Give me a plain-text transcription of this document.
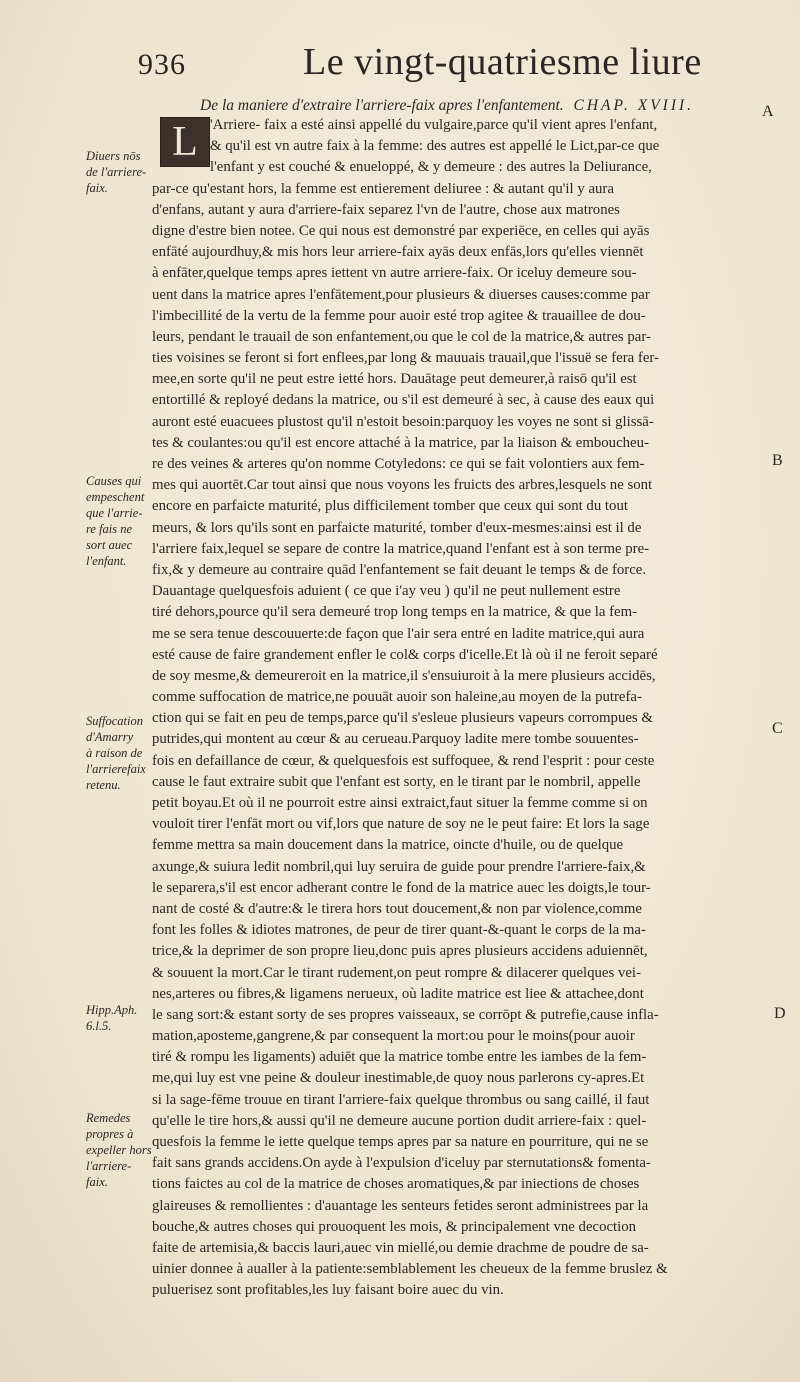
936	Le vingt-quatriesme liure
De la maniere d'extraire l'arriere-faix apres l'enfantement. CHAP. XVIII.	A
B
C
D
L
Diuers nōs
de l'arriere-
faix.
Causes qui
empeschent
que l'arrie-
re fais ne
sort auec
l'enfant.
Suffocation
d'Amarry
à raison de
l'arrierefaix
retenu.
Hipp.Aph.
6.l.5.
Remedes
propres à
expeller hors
l'arriere-
faix.
'Arriere- faix a esté ainsi appellé du vulgaire,parce qu'il vient apres l'enfant,
& qu'il est vn autre faix à la femme: des autres est appellé le Lict,par-ce que
l'enfant y est couché & enueloppé, & y demeure : des autres la Deliurance,
par-ce qu'estant hors, la femme est entierement deliuree : & autant qu'il y aura
d'enfans, autant y aura d'arriere-faix separez l'vn de l'autre, chose aux matrones
digne d'estre bien notee. Ce qui nous est demonstré par experiēce, en celles qui ayās
enfāté aujourdhuy,& mis hors leur arriere-faix ayās deux enfās,lors qu'elles viennēt
à enfāter,quelque temps apres iettent vn autre arriere-faix. Or iceluy demeure sou-
uent dans la matrice apres l'enfātement,pour plusieurs & diuerses causes:comme par
l'imbecillité de la vertu de la femme pour auoir esté trop agitee & trauaillee de dou-
leurs, pendant le trauail de son enfantement,ou que le col de la matrice,& autres par-
ties voisines se feront si fort enflees,par long & mauuais trauail,que l'issuë se fera fer-
mee,en sorte qu'il ne peut estre ietté hors. Dauātage peut demeurer,à raisō qu'il est
entortillé & reployé dedans la matrice, ou s'il est demeuré à sec, à cause des eaux qui
auront esté euacuees plustost qu'il n'estoit besoin:parquoy les voyes ne sont si glissā-
tes & coulantes:ou qu'il est encore attaché à la matrice, par la liaison & emboucheu-
re des veines & arteres qu'on nomme Cotyledons: ce qui se fait volontiers aux fem-
mes qui auortēt.Car tout ainsi que nous voyons les fruicts des arbres,lesquels ne sont
encore en parfaicte maturité, plus difficilement tomber que ceux qui sont du tout
meurs, & lors qu'ils sont en parfaicte maturité, tomber d'eux-mesmes:ainsi est il de
l'arriere faix,lequel se separe de contre la matrice,quand l'enfant est à son terme pre-
fix,& y demeure au contraire quād l'enfantement se fait deuant le temps & de force.
Dauantage quelquesfois aduient ( ce que i'ay veu ) qu'il ne peut nullement estre
tiré dehors,pource qu'il sera demeuré trop long temps en la matrice, & que la fem-
me se sera tenue descouuerte:de façon que l'air sera entré en ladite matrice,qui aura
esté cause de faire grandement enfler le col& corps d'icelle.Et là où il ne feroit separé
de soy mesme,& demeureroit en la matrice,il s'ensuiuroit à la mere plusieurs accidēs,
comme suffocation de matrice,ne pouuāt auoir son haleine,au moyen de la putrefa-
ction qui se fait en peu de temps,parce qu'il s'esleue plusieurs vapeurs corrompues &
putrides,qui montent au cœur & au cerueau.Parquoy ladite mere tombe souuentes-
fois en defaillance de cœur, & quelquesfois est suffoquee, & rend l'esprit : pour ceste
cause le faut extraire subit que l'enfant est sorty, en le tirant par le nombril, appelle
petit boyau.Et où il ne pourroit estre ainsi extraict,faut situer la femme comme si on
vouloit tirer l'enfāt mort ou vif,lors que nature de soy ne le peut faire: Et lors la sage
femme mettra sa main doucement dans la matrice, oincte d'huile, ou de quelque
axunge,& suiura ledit nombril,qui luy seruira de guide pour prendre l'arriere-faix,&
le separera,s'il est encor adherant contre le fond de la matrice auec les doigts,le tour-
nant de costé & d'autre:& le tirera hors tout doucement,& non par violence,comme
font les folles & idiotes matrones, de peur de tirer quant-&-quant le corps de la ma-
trice,& la deprimer de son propre lieu,donc puis apres plusieurs accidens aduiennēt,
& souuent la mort.Car le tirant rudement,on peut rompre & dilacerer quelques vei-
nes,arteres ou fibres,& ligamens nerueux, où ladite matrice est liee & attachee,dont
le sang sort:& estant sorty de ses propres vaisseaux, se corrōpt & putrefie,cause infla-
mation,apostemе,gangrene,& par consequent la mort:ou pour le moins(pour auoir
tiré & rompu les ligaments) aduiēt que la matrice tombe entre les iambes de la fem-
me,qui luy est vne peine & douleur inestimable,de quoy nous parlerons cy-apres.Et
si la sage-fēme trouue en tirant l'arriere-faix quelque thrombus ou sang caillé, il faut
qu'elle le tire hors,& aussi qu'il ne demeure aucune portion dudit arriere-faix : quel-
quesfois la femme le iette quelque temps apres par sa nature en pourriture, qui ne se
fait sans grands accidens.On ayde à l'expulsion d'iceluy par sternutations& fomenta-
tions faictes au col de la matrice de choses aromatiques,& par iniections de choses
glaireuses & remollientes : d'auantage les senteurs fetides seront administrees par la
bouche,& autres choses qui prouoquent les mois, & principalement vne decoction
faite de artemisia,& baccis lauri,auec vin miellé,ou demie drachme de poudre de sa-
uinier donnee à aualler à la patiente:semblablement les cheueux de la femme bruslez &
puluerisez sont profitables,les luy faisant boire auec du vin.
